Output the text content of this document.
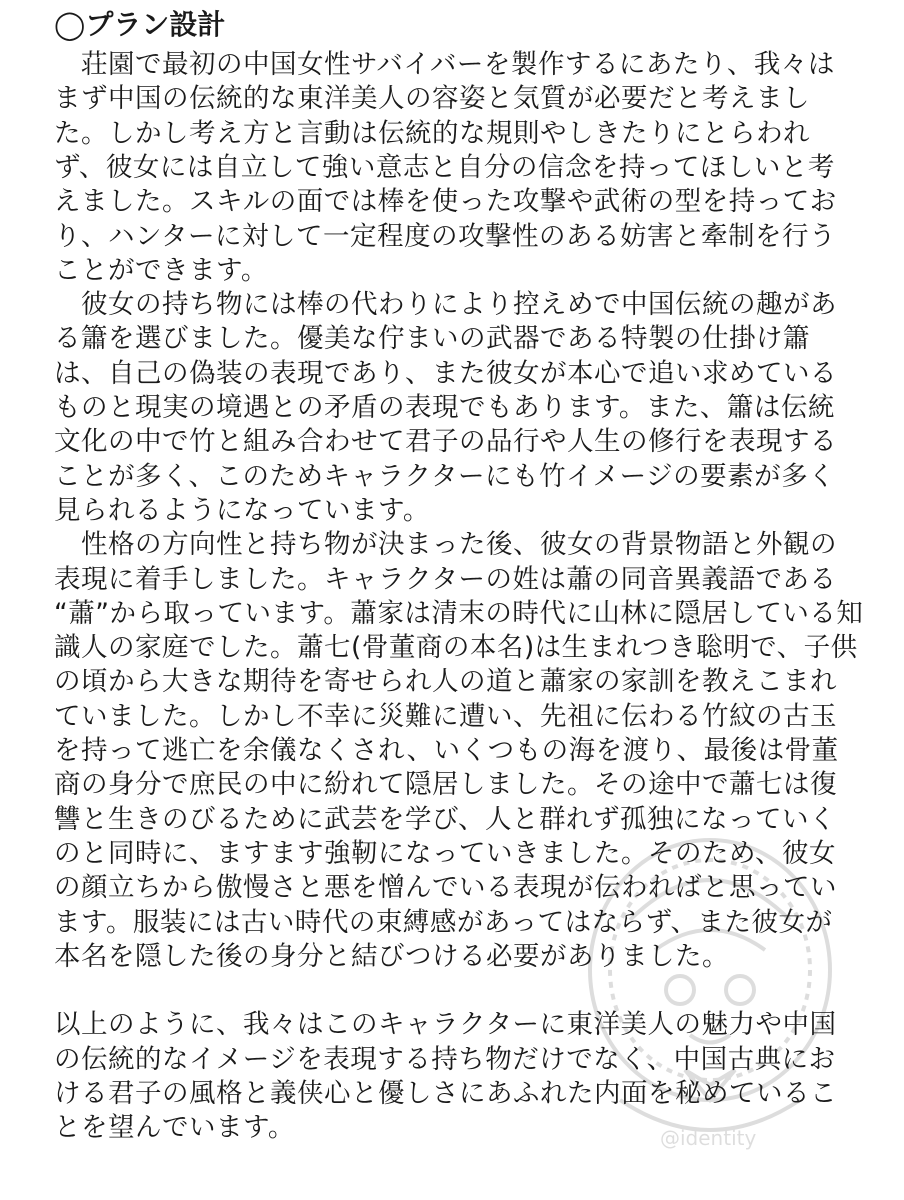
@identity
◯プラン設計
　荘園で最初の中国女性サバイバーを製作するにあたり、我々は
まず中国の伝統的な東洋美人の容姿と気質が必要だと考えまし
た。しかし考え方と言動は伝統的な規則やしきたりにとらわれ
ず、彼女には自立して強い意志と自分の信念を持ってほしいと考
えました。スキルの面では棒を使った攻撃や武術の型を持ってお
り、ハンターに対して一定程度の攻撃性のある妨害と牽制を行う
ことができます。
　彼女の持ち物には棒の代わりにより控えめで中国伝統の趣があ
る簫を選びました。優美な佇まいの武器である特製の仕掛け簫
は、自己の偽装の表現であり、また彼女が本心で追い求めている
ものと現実の境遇との矛盾の表現でもあります。また、簫は伝統
文化の中で竹と組み合わせて君子の品行や人生の修行を表現する
ことが多く、このためキャラクターにも竹イメージの要素が多く
見られるようになっています。
　性格の方向性と持ち物が決まった後、彼女の背景物語と外観の
表現に着手しました。キャラクターの姓は蕭の同音異義語である
“蕭”から取っています。蕭家は清末の時代に山林に隠居している知
識人の家庭でした。蕭七(骨董商の本名)は生まれつき聡明で、子供
の頃から大きな期待を寄せられ人の道と蕭家の家訓を教えこまれ
ていました。しかし不幸に災難に遭い、先祖に伝わる竹紋の古玉
を持って逃亡を余儀なくされ、いくつもの海を渡り、最後は骨董
商の身分で庶民の中に紛れて隠居しました。その途中で蕭七は復
讐と生きのびるために武芸を学び、人と群れず孤独になっていく
のと同時に、ますます強靭になっていきました。そのため、彼女
の顔立ちから傲慢さと悪を憎んでいる表現が伝わればと思ってい
ます。服装には古い時代の束縛感があってはならず、また彼女が
本名を隠した後の身分と結びつける必要がありました。
以上のように、我々はこのキャラクターに東洋美人の魅力や中国
の伝統的なイメージを表現する持ち物だけでなく、中国古典にお
ける君子の風格と義侠心と優しさにあふれた内面を秘めているこ
とを望んでいます。
